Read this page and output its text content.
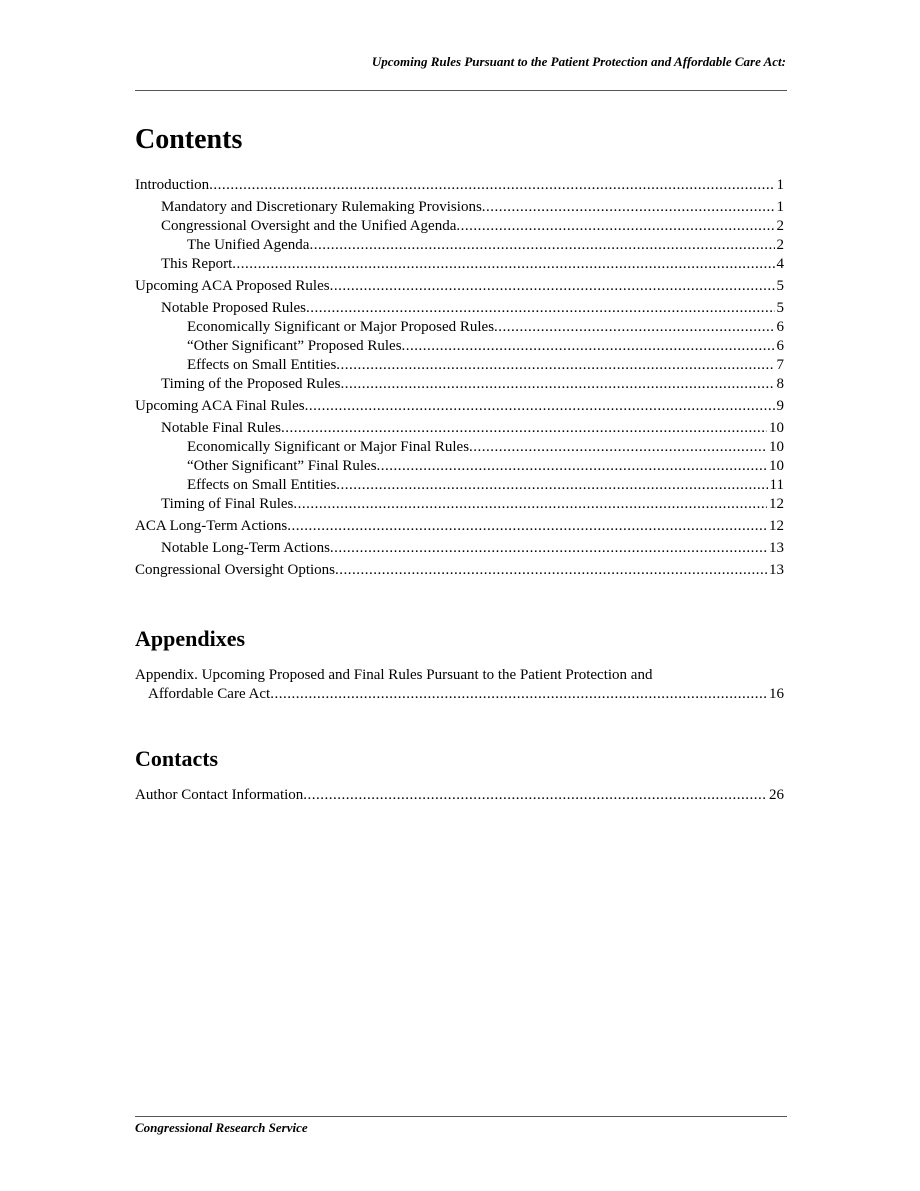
Upcoming Rules Pursuant to the Patient Protection and Affordable Care Act:
Contents
Introduction .....	1
Mandatory and Discretionary Rulemaking Provisions .....	1
Congressional Oversight and the Unified Agenda .....	2
The Unified Agenda .....	2
This Report .....	4
Upcoming ACA Proposed Rules .....	5
Notable Proposed Rules .....	5
Economically Significant or Major Proposed Rules .....	6
“Other Significant” Proposed Rules .....	6
Effects on Small Entities .....	7
Timing of the Proposed Rules .....	8
Upcoming ACA Final Rules .....	9
Notable Final Rules .....	10
Economically Significant or Major Final Rules .....	10
“Other Significant” Final Rules .....	10
Effects on Small Entities .....	11
Timing of Final Rules .....	12
ACA Long-Term Actions .....	12
Notable Long-Term Actions .....	13
Congressional Oversight Options .....	13
Appendixes
Appendix. Upcoming Proposed and Final Rules Pursuant to the Patient Protection and
Affordable Care Act .....	16
Contacts
Author Contact Information .....	26
Congressional Research Service
